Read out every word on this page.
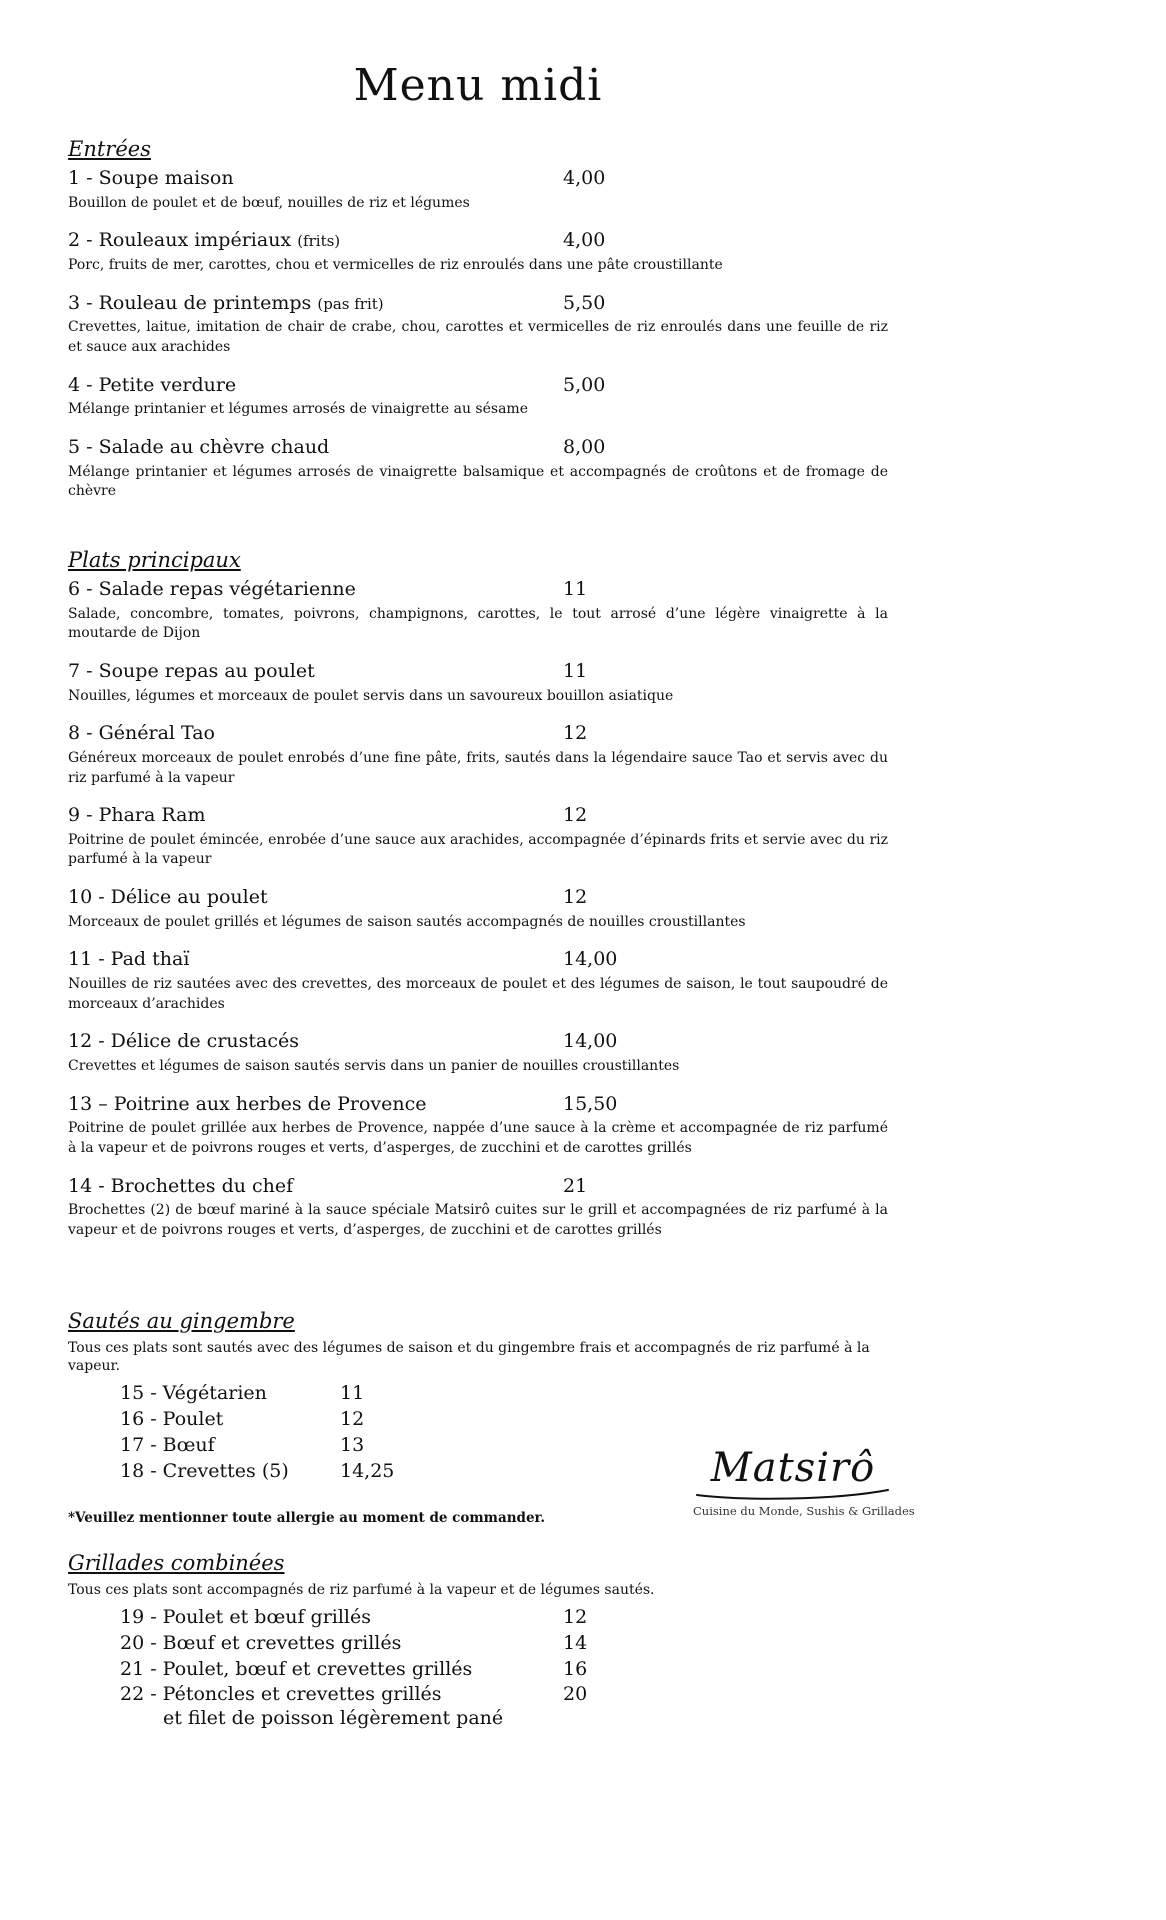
Menu midi
Entrées
1 - Soupe maison	4,00

Bouillon de poulet et de bœuf, nouilles de riz et légumes

2 - Rouleaux impériaux (frits)	4,00

Porc, fruits de mer, carottes, chou et vermicelles de riz enroulés dans une pâte croustillante

3 - Rouleau de printemps (pas frit)	5,50

Crevettes, laitue, imitation de chair de crabe, chou, carottes et vermicelles de riz enroulés dans une feuille de riz et sauce aux arachides

4 - Petite verdure	5,00

Mélange printanier et légumes arrosés de vinaigrette au sésame

5 - Salade au chèvre chaud	8,00

Mélange printanier et légumes arrosés de vinaigrette balsamique et accompagnés de croûtons et de fromage de chèvre

Plats principaux
6 - Salade repas végétarienne	11

Salade, concombre, tomates, poivrons, champignons, carottes, le tout arrosé d’une légère vinaigrette à la moutarde de Dijon

7 - Soupe repas au poulet	11

Nouilles, légumes et morceaux de poulet servis dans un savoureux bouillon asiatique

8 - Général Tao	12

Généreux morceaux de poulet enrobés d’une fine pâte, frits, sautés dans la légendaire sauce Tao et servis avec du riz parfumé à la vapeur

9 - Phara Ram	12

Poitrine de poulet émincée, enrobée d’une sauce aux arachides, accompagnée d’épinards frits et servie avec du riz parfumé à la vapeur

10 - Délice au poulet	12

Morceaux de poulet grillés et légumes de saison sautés accompagnés de nouilles croustillantes

11 - Pad thaï	14,00

Nouilles de riz sautées avec des crevettes, des morceaux de poulet et des légumes de saison, le tout saupoudré de morceaux d’arachides

12 - Délice de crustacés	14,00

Crevettes et légumes de saison sautés servis dans un panier de nouilles croustillantes

13 – Poitrine aux herbes de Provence	15,50

Poitrine de poulet grillée aux herbes de Provence, nappée d’une sauce à la crème et accompagnée de riz parfumé à la vapeur et de poivrons rouges et verts, d’asperges, de zucchini et de carottes grillés

14 - Brochettes du chef	21

Brochettes (2) de bœuf mariné à la sauce spéciale Matsirô cuites sur le grill et accompagnées de riz parfumé à la vapeur et de poivrons rouges et verts, d’asperges, de zucchini et de carottes grillés

Sautés au gingembre

Tous ces plats sont sautés avec des légumes de saison et du gingembre frais et accompagnés de riz parfumé à la vapeur.

15 - Végétarien	11
16 - Poulet	12
17 - Bœuf	13
18 - Crevettes (5)	14,25
Grillades combinées

Tous ces plats sont accompagnés de riz parfumé à la vapeur et de légumes sautés.

19 - Poulet et bœuf grillés	12
20 - Bœuf et crevettes grillés	14
21 - Poulet, bœuf et crevettes grillés	16
22 - Pétoncles et crevettes grillés	20
et filet de poisson légèrement pané
Matsirô
Cuisine du Monde, Sushis & Grillades
*Veuillez mentionner toute allergie au moment de commander.
